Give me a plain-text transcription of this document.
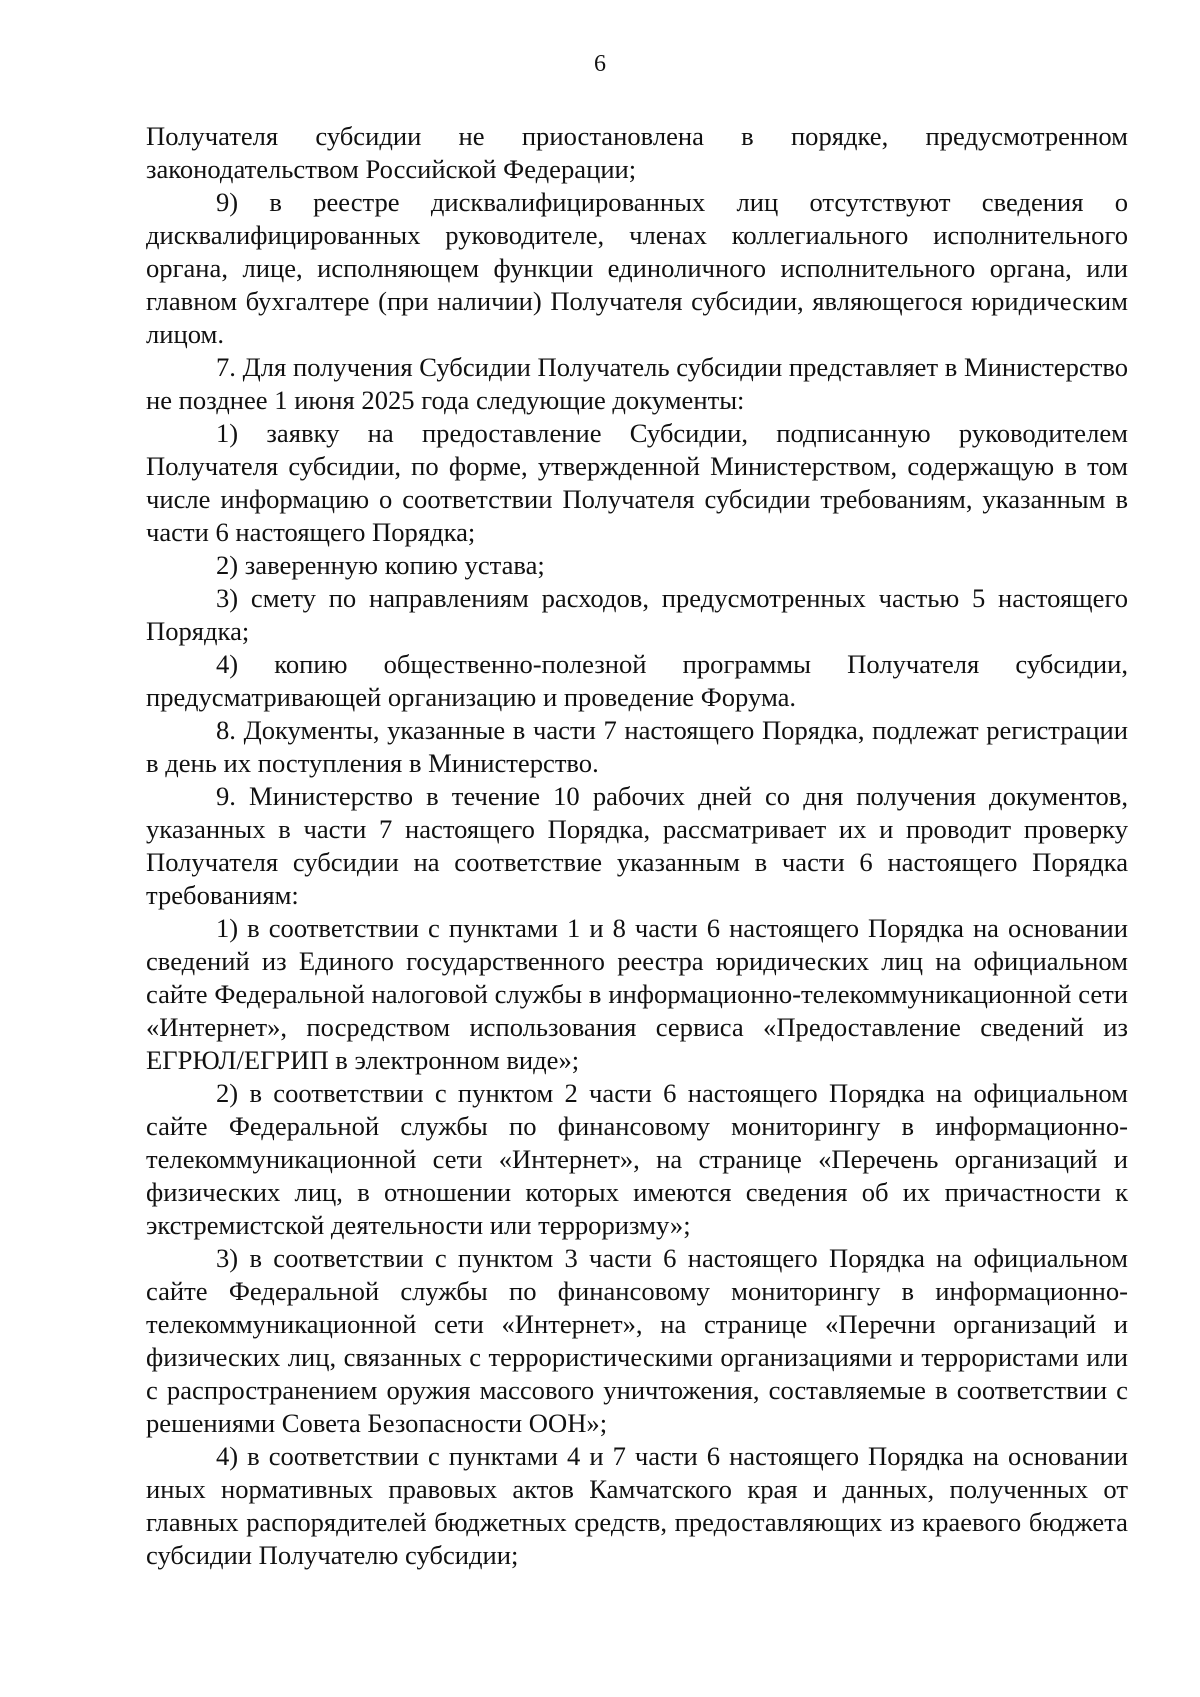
6

Получателя субсидии не приостановлена в порядке, предусмотренном законодательством Российской Федерации;

9) в реестре дисквалифицированных лиц отсутствуют сведения о дисквалифицированных руководителе, членах коллегиального исполнительного органа, лице, исполняющем функции единоличного исполнительного органа, или главном бухгалтере (при наличии) Получателя субсидии, являющегося юридическим лицом.

7. Для получения Субсидии Получатель субсидии представляет в Министерство не позднее 1 июня 2025 года следующие документы:

1) заявку на предоставление Субсидии, подписанную руководителем Получателя субсидии, по форме, утвержденной Министерством, содержащую в том числе информацию о соответствии Получателя субсидии требованиям, указанным в части 6 настоящего Порядка;

2) заверенную копию устава;

3) смету по направлениям расходов, предусмотренных частью 5 настоящего Порядка;

4) копию общественно-полезной программы Получателя субсидии, предусматривающей организацию и проведение Форума.

8. Документы, указанные в части 7 настоящего Порядка, подлежат регистрации в день их поступления в Министерство.

9. Министерство в течение 10 рабочих дней со дня получения документов, указанных в части 7 настоящего Порядка, рассматривает их и проводит проверку Получателя субсидии на соответствие указанным в части 6 настоящего Порядка требованиям:

1) в соответствии с пунктами 1 и 8 части 6 настоящего Порядка на основании сведений из Единого государственного реестра юридических лиц на официальном сайте Федеральной налоговой службы в информационно-телекоммуникационной сети «Интернет», посредством использования сервиса «Предоставление сведений из ЕГРЮЛ/ЕГРИП в электронном виде»;

2) в соответствии с пунктом 2 части 6 настоящего Порядка на официальном сайте Федеральной службы по финансовому мониторингу в информационно-телекоммуникационной сети «Интернет», на странице «Перечень организаций и физических лиц, в отношении которых имеются сведения об их причастности к экстремистской деятельности или терроризму»;

3) в соответствии с пунктом 3 части 6 настоящего Порядка на официальном сайте Федеральной службы по финансовому мониторингу в информационно-телекоммуникационной сети «Интернет», на странице «Перечни организаций и физических лиц, связанных с террористическими организациями и террористами или с распространением оружия массового уничтожения, составляемые в соответствии с решениями Совета Безопасности ООН»;

4) в соответствии с пунктами 4 и 7 части 6 настоящего Порядка на основании иных нормативных правовых актов Камчатского края и данных, полученных от главных распорядителей бюджетных средств, предоставляющих из краевого бюджета субсидии Получателю субсидии;
